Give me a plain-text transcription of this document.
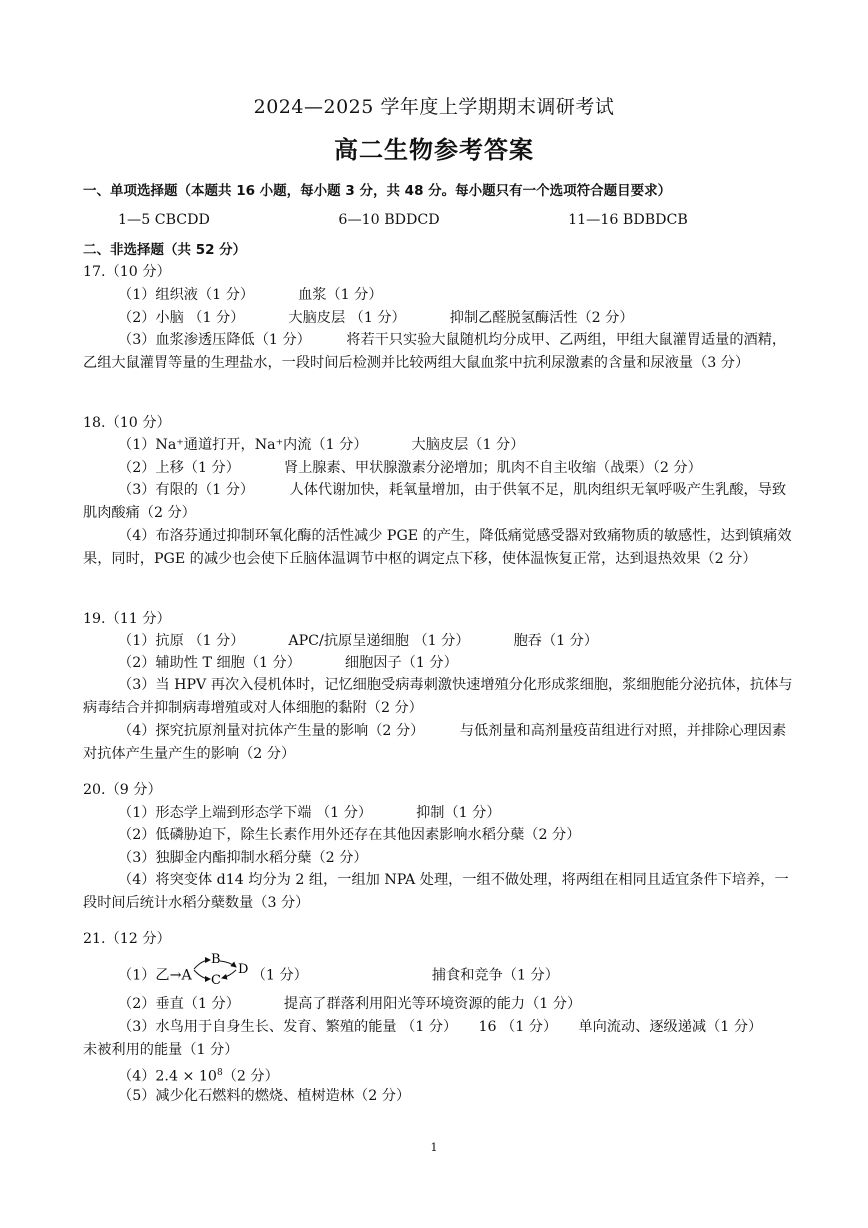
2024—2025 学年度上学期期末调研考试
高二生物参考答案
一、单项选择题（本题共 16 小题，每小题 3 分，共 48 分。每小题只有一个选项符合题目要求）
1—5 CBCDD	6—10 BDDCD	11—16 BDBDCB
二、非选择题（共 52 分）
17.（10 分）
（1）组织液（1 分）	血浆（1 分）
（2）小脑 （1 分）	大脑皮层 （1 分）	抑制乙醛脱氢酶活性（2 分）
（3）血浆渗透压降低（1 分）　　　将若干只实验大鼠随机均分成甲、乙两组，甲组大鼠灌胃适量的酒精，乙组大鼠灌胃等量的生理盐水，一段时间后检测并比较两组大鼠血浆中抗利尿激素的含量和尿液量（3 分）
18.（10 分）
（1）Na⁺通道打开，Na⁺内流（1 分）	大脑皮层（1 分）
（2）上移（1 分）	肾上腺素、甲状腺激素分泌增加；肌肉不自主收缩（战栗）（2 分）
（3）有限的（1 分）　　　人体代谢加快，耗氧量增加，由于供氧不足，肌肉组织无氧呼吸产生乳酸，导致肌肉酸痛（2 分）
（4）布洛芬通过抑制环氧化酶的活性减少 PGE 的产生，降低痛觉感受器对致痛物质的敏感性，达到镇痛效果，同时，PGE 的减少也会使下丘脑体温调节中枢的调定点下移，使体温恢复正常，达到退热效果（2 分）
19.（11 分）
（1）抗原 （1 分）	APC/抗原呈递细胞 （1 分）	胞吞（1 分）
（2）辅助性 T 细胞（1 分）	细胞因子（1 分）
（3）当 HPV 再次入侵机体时，记忆细胞受病毒刺激快速增殖分化形成浆细胞，浆细胞能分泌抗体，抗体与病毒结合并抑制病毒增殖或对人体细胞的黏附（2 分）
（4）探究抗原剂量对抗体产生量的影响（2 分）　　　与低剂量和高剂量疫苗组进行对照，并排除心理因素对抗体产生量产生的影响（2 分）
20.（9 分）
（1）形态学上端到形态学下端 （1 分）	抑制（1 分）
（2）低磷胁迫下，除生长素作用外还存在其他因素影响水稻分蘖（2 分）
（3）独脚金内酯抑制水稻分蘖（2 分）
（4）将突变体 d14 均分为 2 组，一组加 NPA 处理，一组不做处理，将两组在相同且适宜条件下培养，一段时间后统计水稻分蘖数量（3 分）
21.（12 分）
（1）乙→A
B
C
D （1 分）	捕食和竞争（1 分）
（2）垂直（1 分）	提高了群落利用阳光等环境资源的能力（1 分）
（3）水鸟用于自身生长、发育、繁殖的能量 （1 分）　　16 （1 分）　　单向流动、逐级递减（1 分）　　未被利用的能量（1 分）
$(4)2.4 \times 10^8(2$ 分）
（5）减少化石燃料的燃烧、植树造林（2 分）
1
